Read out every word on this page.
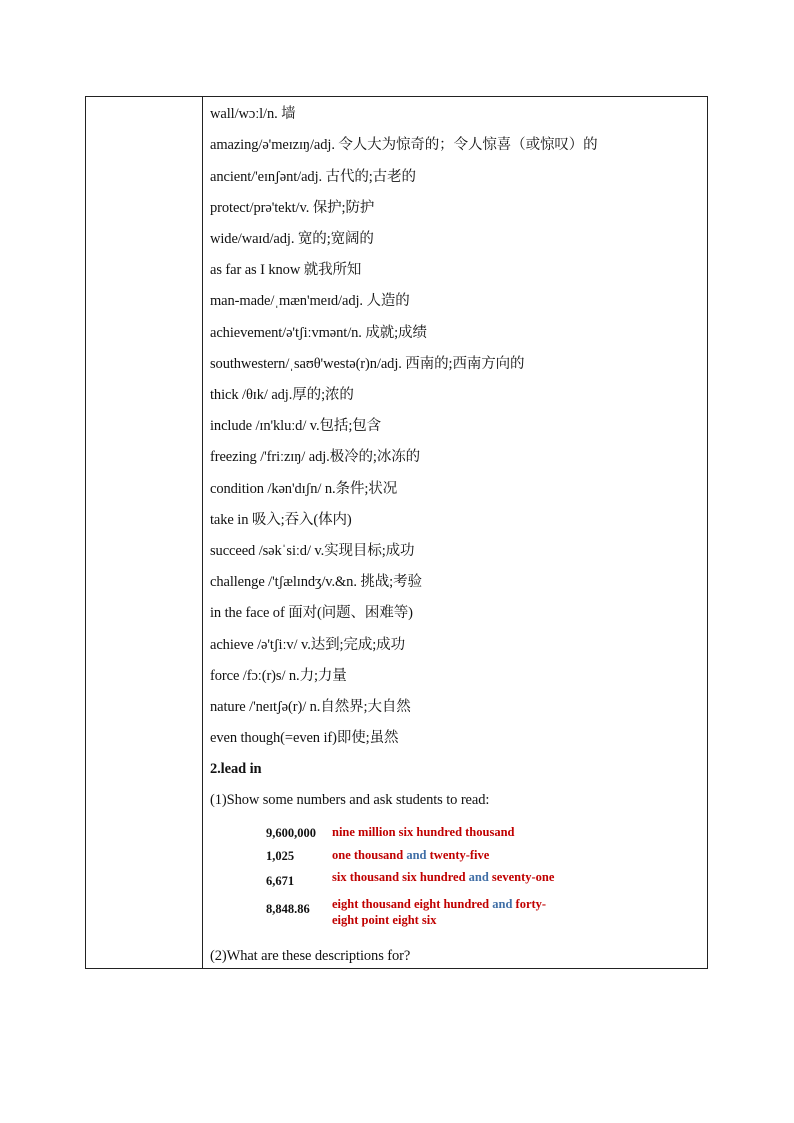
wall/wɔːl/n. 墙
amazing/ə'meɪzɪŋ/adj. 令人大为惊奇的；令人惊喜（或惊叹）的
ancient/'eɪnʃənt/adj. 古代的;古老的
protect/prə'tekt/v. 保护;防护
wide/waɪd/adj. 宽的;宽阔的
as far as I know 就我所知
man-made/ˌmæn'meɪd/adj. 人造的
achievement/ə'tʃiːvmənt/n. 成就;成绩
southwestern/ˌsaʊθ'westə(r)n/adj. 西南的;西南方向的
thick /θɪk/ adj.厚的;浓的
include /ɪn'kluːd/ v.包括;包含
freezing /'friːzɪŋ/ adj.极冷的;冰冻的
condition /kən'dɪʃn/ n.条件;状况
take in 吸入;吞入(体内)
succeed /səkˈsiːd/ v.实现目标;成功
challenge /'tʃælɪndʒ/v.&n. 挑战;考验
in the face of 面对(问题、困难等)
achieve /ə'tʃiːv/ v.达到;完成;成功
force /fɔː(r)s/ n.力;力量
nature /'neɪtʃə(r)/ n.自然界;大自然
even though(=even if)即使;虽然
2.lead in
(1)Show some numbers and ask students to read:
9,600,000 nine million six hundred thousand
1,025	one thousand and twenty-five
6,671	six thousand six hundred and seventy-one
8,848.86 eight thousand eight hundred and forty-
eight point eight six
(2)What are these descriptions for?
